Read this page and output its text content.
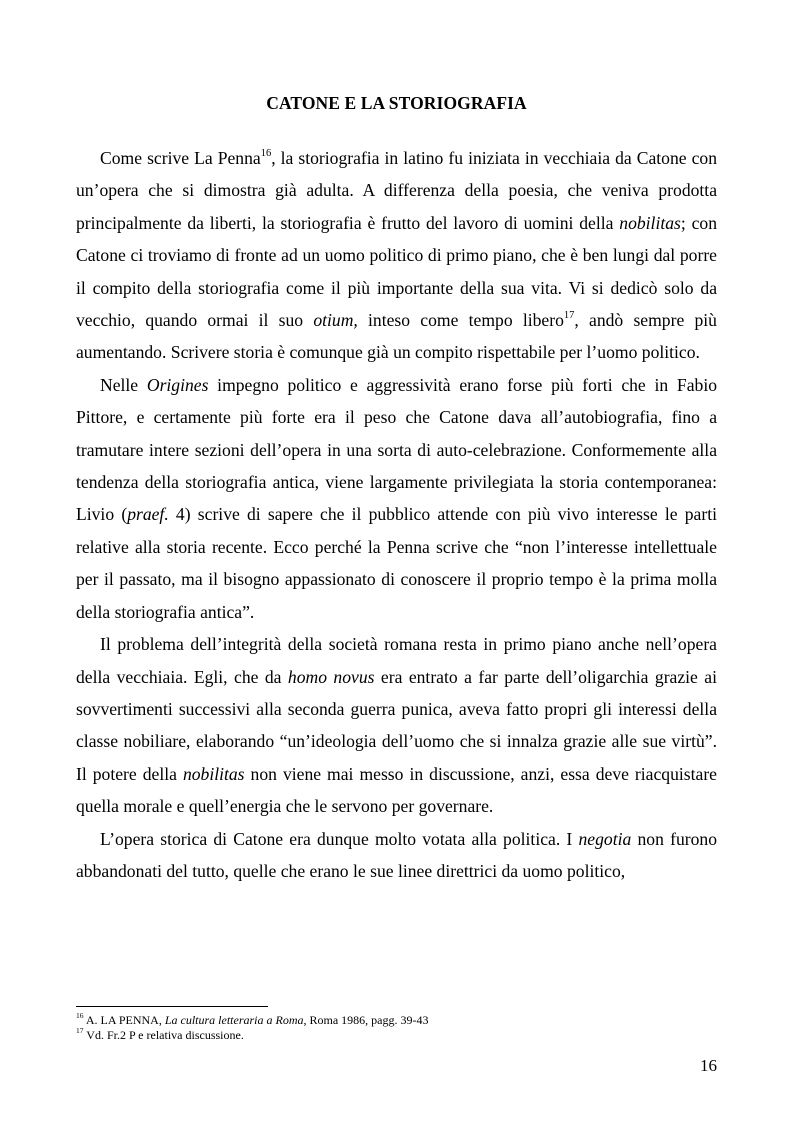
CATONE E LA STORIOGRAFIA

Come scrive La Penna$^{16}$, la storiografia in latino fu iniziata in vecchiaia da Catone con un’opera che si dimostra già adulta. A differenza della poesia, che veniva prodotta principalmente da liberti, la storiografia è frutto del lavoro di uomini della nobilitas; con Catone ci troviamo di fronte ad un uomo politico di primo piano, che è ben lungi dal porre il compito della storiografia come il più importante della sua vita. Vi si dedicò solo da vecchio, quando ormai il suo otium, inteso come tempo libero$^{17}$, andò sempre più aumentando. Scrivere storia è comunque già un compito rispettabile per l’uomo politico.

Nelle Origines impegno politico e aggressività erano forse più forti che in Fabio Pittore, e certamente più forte era il peso che Catone dava all’autobiografia, fino a tramutare intere sezioni dell’opera in una sorta di auto-celebrazione. Conformemente alla tendenza della storiografia antica, viene largamente privilegiata la storia contemporanea: Livio (praef. 4) scrive di sapere che il pubblico attende con più vivo interesse le parti relative alla storia recente. Ecco perché la Penna scrive che “non l’interesse intellettuale per il passato, ma il bisogno appassionato di conoscere il proprio tempo è la prima molla della storiografia antica”.

Il problema dell’integrità della società romana resta in primo piano anche nell’opera della vecchiaia. Egli, che da homo novus era entrato a far parte dell’oligarchia grazie ai sovvertimenti successivi alla seconda guerra punica, aveva fatto propri gli interessi della classe nobiliare, elaborando “un’ideologia dell’uomo che si innalza grazie alle sue virtù”. Il potere della nobilitas non viene mai messo in discussione, anzi, essa deve riacquistare quella morale e quell’energia che le servono per governare.

L’opera storica di Catone era dunque molto votata alla politica. I negotia non furono abbandonati del tutto, quelle che erano le sue linee direttrici da uomo politico,

$^{16}$ A. LA PENNA, La cultura letteraria a Roma, Roma 1986, pagg. 39-43
$^{17}$ Vd. Fr.2 P e relativa discussione.
16
